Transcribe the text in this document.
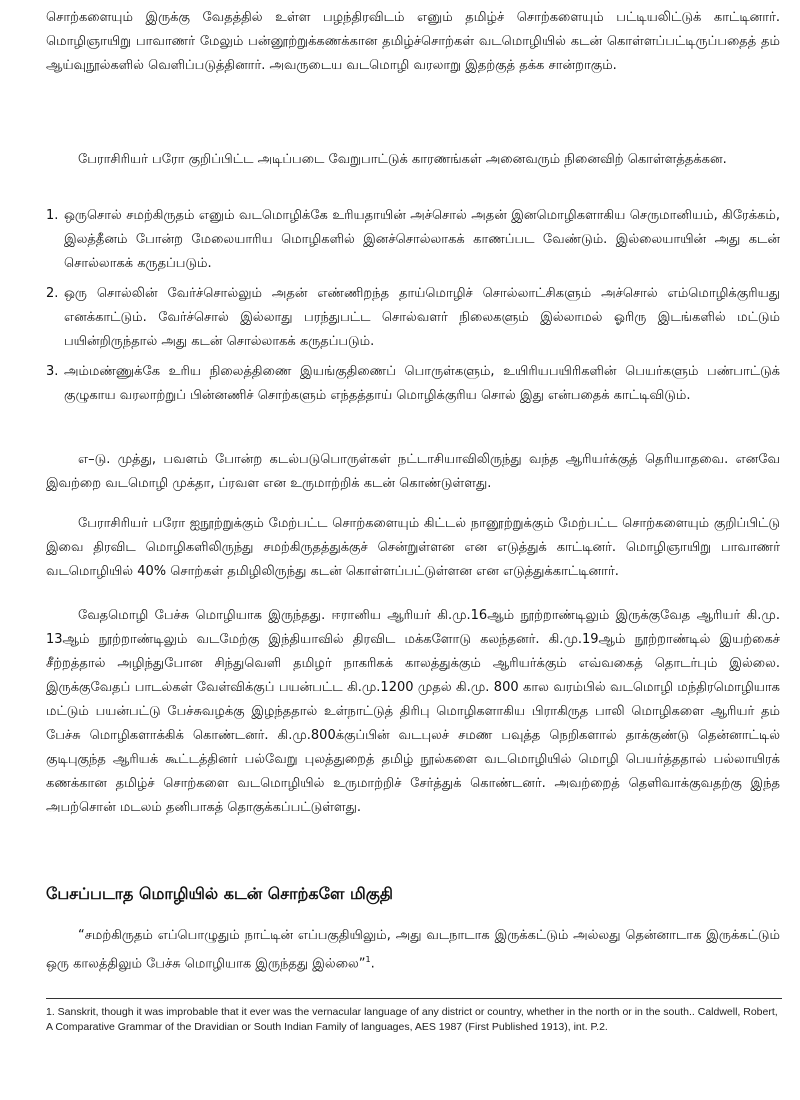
சொற்களையும் இருக்கு வேதத்தில் உள்ள பழந்திரவிடம் எனும் தமிழ்ச் சொற்களையும் பட்டியலிட்டுக் காட்டினார். மொழிஞாயிறு பாவாணர் மேலும் பன்னூற்றுக்கணக்கான தமிழ்ச்சொற்கள் வடமொழியில் கடன் கொள்ளப்பட்டிருப்பதைத் தம் ஆய்வுநூல்களில் வெளிப்படுத்தினார். அவருடைய வடமொழி வரலாறு இதற்குத் தக்க சான்றாகும்.

பேராசிரியர் பரோ குறிப்பிட்ட அடிப்படை வேறுபாட்டுக் காரணங்கள் அனைவரும் நினைவிற் கொள்ளத்தக்கன.

1. ஒருசொல் சமற்கிருதம் எனும் வடமொழிக்கே உரியதாயின் அச்சொல் அதன் இனமொழிகளாகிய செருமானியம், கிரேக்கம், இலத்தீனம் போன்ற மேலையாரிய மொழிகளில் இனச்சொல்லாகக் காணப்பட வேண்டும். இல்லையாயின் அது கடன் சொல்லாகக் கருதப்படும்.
2. ஒரு சொல்லின் வேர்ச்சொல்லும் அதன் எண்ணிறந்த தாய்மொழிச் சொல்லாட்சிகளும் அச்சொல் எம்மொழிக்குரியது எனக்காட்டும். வேர்ச்சொல் இல்லாது பரந்துபட்ட சொல்வளர் நிலைகளும் இல்லாமல் ஓரிரு இடங்களில் மட்டும் பயின்றிருந்தால் அது கடன் சொல்லாகக் கருதப்படும்.
3. அம்மண்ணுக்கே உரிய நிலைத்திணை இயங்குதிணைப் பொருள்களும், உயிரியபயிரிகளின் பெயர்களும் பண்பாட்டுக் குழுகாய வரலாற்றுப் பின்னணிச் சொற்களும் எந்தத்தாய் மொழிக்குரிய சொல் இது என்பதைக் காட்டிவிடும்.

எ–டு. முத்து, பவளம் போன்ற கடல்படுபொருள்கள் நட்டாசியாவிலிருந்து வந்த ஆரியர்க்குத் தெரியாதவை. எனவே இவற்றை வடமொழி முக்தா, ப்ரவள என உருமாற்றிக் கடன் கொண்டுள்ளது.

பேராசிரியர் பரோ ஐநூற்றுக்கும் மேற்பட்ட சொற்களையும் கிட்டல் நானூற்றுக்கும் மேற்பட்ட சொற்களையும் குறிப்பிட்டு இவை திரவிட மொழிகளிலிருந்து சமற்கிருதத்துக்குச் சென்றுள்ளன என எடுத்துக் காட்டினர். மொழிஞாயிறு பாவாணர் வடமொழியில் 40% சொற்கள் தமிழிலிருந்து கடன் கொள்ளப்பட்டுள்ளன என எடுத்துக்காட்டினார்.

வேதமொழி பேச்சு மொழியாக இருந்தது. ஈரானிய ஆரியர் கி.மு.16ஆம் நூற்றாண்டிலும் இருக்குவேத ஆரியர் கி.மு. 13ஆம் நூற்றாண்டிலும் வடமேற்கு இந்தியாவில் திரவிட மக்களோடு கலந்தனர். கி.மு.19ஆம் நூற்றாண்டில் இயற்கைச் சீற்றத்தால் அழிந்துபோன சிந்துவெளி தமிழர் நாகரிகக் காலத்துக்கும் ஆரியர்க்கும் எவ்வகைத் தொடர்பும் இல்லை. இருக்குவேதப் பாடல்கள் வேள்விக்குப் பயன்பட்ட கி.மு.1200 முதல் கி.மு. 800 கால வரம்பில் வடமொழி மந்திரமொழியாக மட்டும் பயன்பட்டு பேச்சுவழக்கு இழந்ததால் உள்நாட்டுத் திரிபு மொழிகளாகிய பிராகிருத பாலி மொழிகளை ஆரியர் தம் பேச்சு மொழிகளாக்கிக் கொண்டனர். கி.மு.800க்குப்பின் வடபுலச் சமண பவுத்த நெறிகளால் தாக்குண்டு தென்னாட்டில் குடிபுகுந்த ஆரியக் கூட்டத்தினர் பல்வேறு புலத்துறைத் தமிழ் நூல்களை வடமொழியில் மொழி பெயர்த்ததால் பல்லாயிரக் கணக்கான தமிழ்ச் சொற்களை வடமொழியில் உருமாற்றிச் சேர்த்துக் கொண்டனர். அவற்றைத் தெளிவாக்குவதற்கு இந்த அபற்சொன் மடலம் தனிபாகத் தொகுக்கப்பட்டுள்ளது.

பேசப்படாத மொழியில் கடன் சொற்களே மிகுதி

“சமற்கிருதம் எப்பொழுதும் நாட்டின் எப்பகுதியிலும், அது வடநாடாக இருக்கட்டும் அல்லது தென்னாடாக இருக்கட்டும் ஒரு காலத்திலும் பேச்சு மொழியாக இருந்தது இல்லை”$^1$.

1. Sanskrit, though it was improbable that it ever was the vernacular language of any district or country, whether in the north or in the south.. Caldwell, Robert, A Comparative Grammar of the Dravidian or South Indian Family of languages, AES 1987 (First Published 1913), int. P.2.
